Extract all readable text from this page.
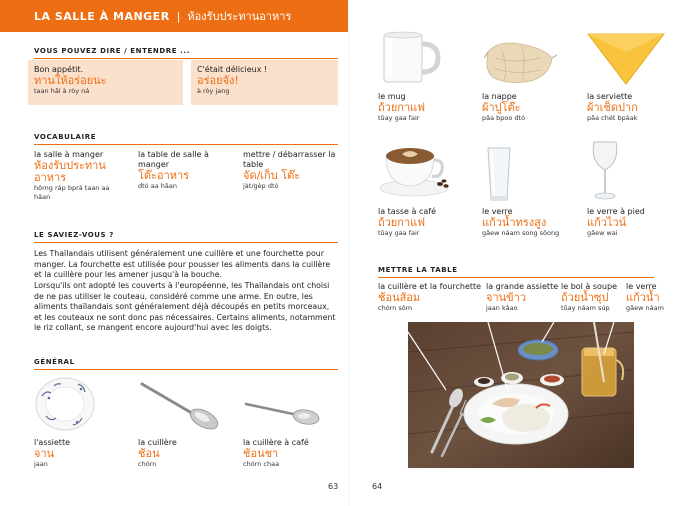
LA SALLE À MANGER | ห้องรับประทานอาหาร
VOUS POUVEZ DIRE / ENTENDRE ...
Bon appétit.
ทานให้อร่อยนะ
taan hâi à ròy ná
C'était délicieux !
อร่อยจัง!
à ròy jang
VOCABULAIRE
la salle à manger
ห้องรับประทานอาหาร
hôrng ráp bprà taan aa hǎan
la table de salle à manger
โต๊ะอาหาร
dtó aa hǎan
mettre / débarrasser la table
จัด/เก็บ โต๊ะ
jàt/gèp dtó
LE SAVIEZ-VOUS ?
Les Thaïlandais utilisent généralement une cuillère et une fourchette pour manger. La fourchette est utilisée pour pousser les aliments dans la cuillère et la cuillère pour les amener jusqu'à la bouche.
Lorsqu'ils ont adopté les couverts à l'européenne, les Thaïlandais ont choisi de ne pas utiliser le couteau, considéré comme une arme. En outre, les aliments thaïlandais sont généralement déjà découpés en petits morceaux, et les couteaux ne sont donc pas nécessaires. Certains aliments, notamment le riz collant, se mangent encore aujourd'hui avec les doigts.
GÉNÉRAL
l'assiette
จาน
jaan
la cuillère
ช้อน
chórn
la cuillère à café
ช้อนชา
chórn chaa
63
le mug
ถ้วยกาแฟ
tûay gaa fair
la nappe
ผ้าปูโต๊ะ
pâa bpoo dtó
la serviette
ผ้าเช็ดปาก
pâa chét bpàak
la tasse à café
ถ้วยกาแฟ
tûay gaa fair
le verre
แก้วน้ำทรงสูง
gâew náam song sǒong
le verre à pied
แก้วไวน์
gâew wai
METTRE LA TABLE
la cuillère et la fourchette
ช้อนส้อม
chórn sôm
la grande assiette
จานข้าว
jaan kâao
le bol à soupe
ถ้วยน้ำซุป
tûay náam súp
le verre
แก้วน้ำ
gâew náam
64
